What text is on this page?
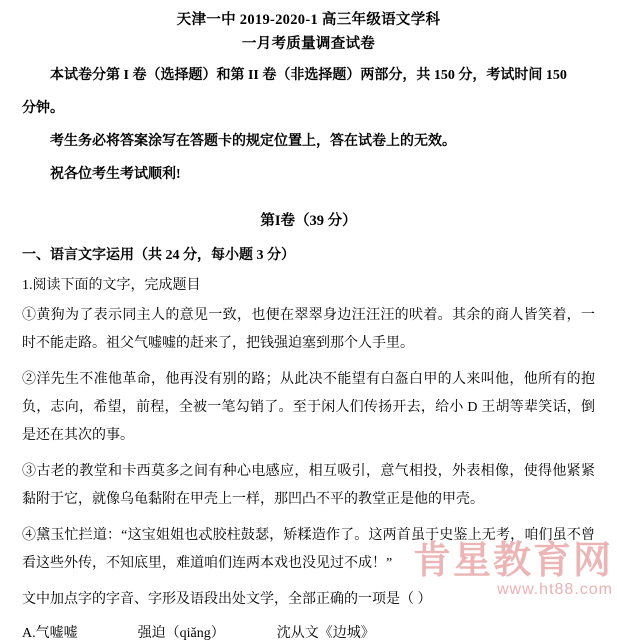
天津一中 2019-2020-1 高三年级语文学科
一月考质量调查试卷
本试卷分第 I 卷（选择题）和第 II 卷（非选择题）两部分，共 150 分，考试时间 150
分钟。
考生务必将答案涂写在答题卡的规定位置上，答在试卷上的无效。
祝各位考生考试顺利!
第I卷（39 分）
一、语言文字运用（共 24 分，每小题 3 分）
1.阅读下面的文字，完成题目
①黄狗为了表示同主人的意见一致，也便在翠翠身边汪汪汪的吠着。其余的商人皆笑着，一时不能走路。祖父气嘘嘘的赶来了，把钱强迫塞到那个人手里。
②洋先生不准他革命，他再没有别的路；从此决不能望有白盔白甲的人来叫他，他所有的抱负，志向，希望，前程，全被一笔勾销了。至于闲人们传扬开去，给小 D 王胡等辈笑话，倒是还在其次的事。
③古老的教堂和卡西莫多之间有种心电感应，相互吸引，意气相投，外表相像，使得他紧紧黏附于它，就像乌龟黏附在甲壳上一样，那凹凸不平的教堂正是他的甲壳。
④黛玉忙拦道：“这宝姐姐也忒胶柱鼓瑟，矫糅造作了。这两首虽于史鉴上无考，咱们虽不曾看这些外传，不知底里，难道咱们连两本戏也没见过不成！”
文中加点字的字音、字形及语段出处文学，全部正确的一项是（ ）
A.气嘘嘘	强迫（qiǎng）	沈从文《边城》
肯星教育网
www.ht88.com
